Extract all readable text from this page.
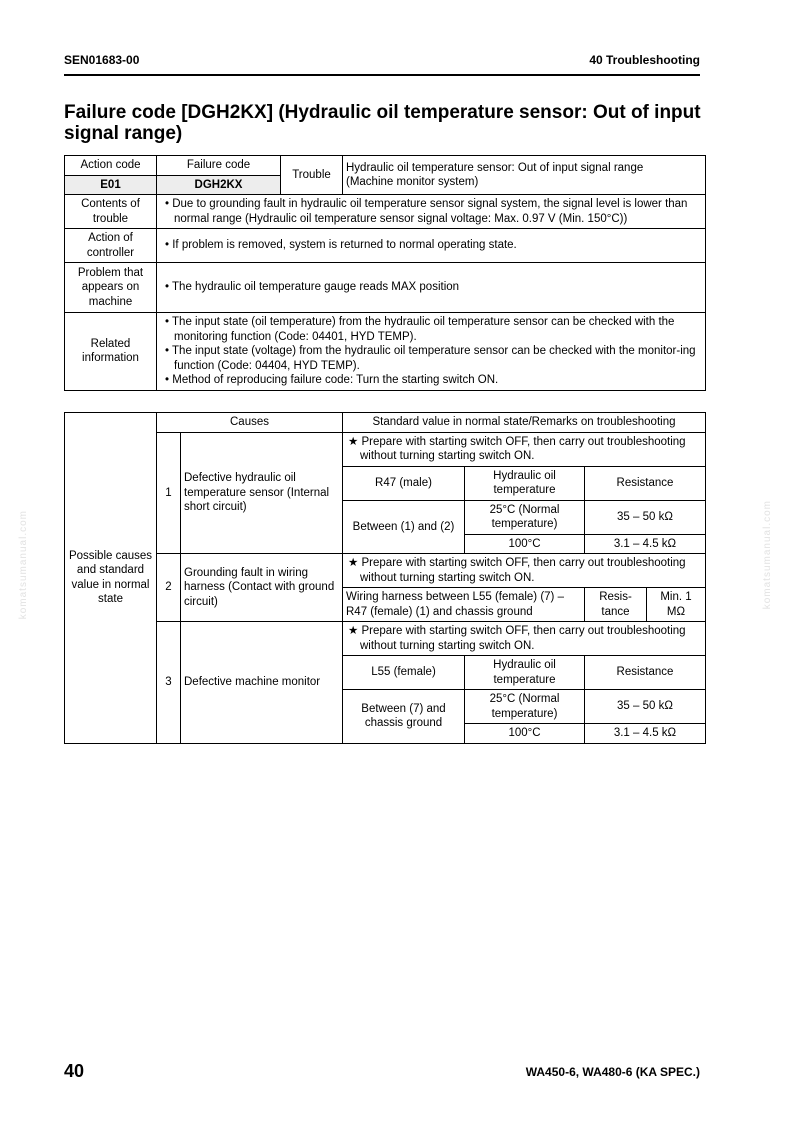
SEN01683-00	40 Troubleshooting
Failure code [DGH2KX] (Hydraulic oil temperature sensor: Out of input signal range)
Action code	Failure code	Trouble	Hydraulic oil temperature sensor: Out of input signal range
(Machine monitor system)

E01	DGH2KX		
Contents of trouble	• Due to grounding fault in hydraulic oil temperature sensor signal system, the signal level is lower than normal range (Hydraulic oil temperature sensor signal voltage: Max. 0.97 V (Min. 150°C))		

Action of controller	• If problem is removed, system is returned to normal operating state.		

Problem that appears on machine	• The hydraulic oil temperature gauge reads MAX position		

Related information	• The input state (oil temperature) from the hydraulic oil temperature sensor can be checked with the monitoring function (Code: 04401, HYD TEMP).

• The input state (voltage) from the hydraulic oil temperature sensor can be checked with the monitor-ing function (Code: 04404, HYD TEMP).

• Method of reproducing failure code: Turn the starting switch ON.		

Possible causes and standard value in normal state	Causes		Standard value in normal state/Remarks on troubleshooting			
	1	Defective hydraulic oil temperature sensor (Internal short circuit)	★ Prepare with starting switch OFF, then carry out troubleshooting without turning starting switch ON.			

			R47 (male)	Hydraulic oil temperature	Resistance	
			Between (1) and (2)	25°C (Normal temperature)	35 – 50 kΩ	
				100°C	3.1 – 4.5 kΩ	

	2	Grounding fault in wiring harness (Contact with ground circuit)	★ Prepare with starting switch OFF, then carry out troubleshooting without turning starting switch ON.			

			Wiring harness between L55 (female) (7) – R47 (female) (1) and chassis ground		Resis- tance	Min. 1 MΩ
	3	Defective machine monitor	★ Prepare with starting switch OFF, then carry out troubleshooting without turning starting switch ON.			

			L55 (female)	Hydraulic oil temperature	Resistance	
			Between (7) and chassis ground	25°C (Normal temperature)	35 – 50 kΩ	
				100°C	3.1 – 4.5 kΩ	

komatsumanual.com	komatsumanual.com
40	WA450-6, WA480-6 (KA SPEC.)
